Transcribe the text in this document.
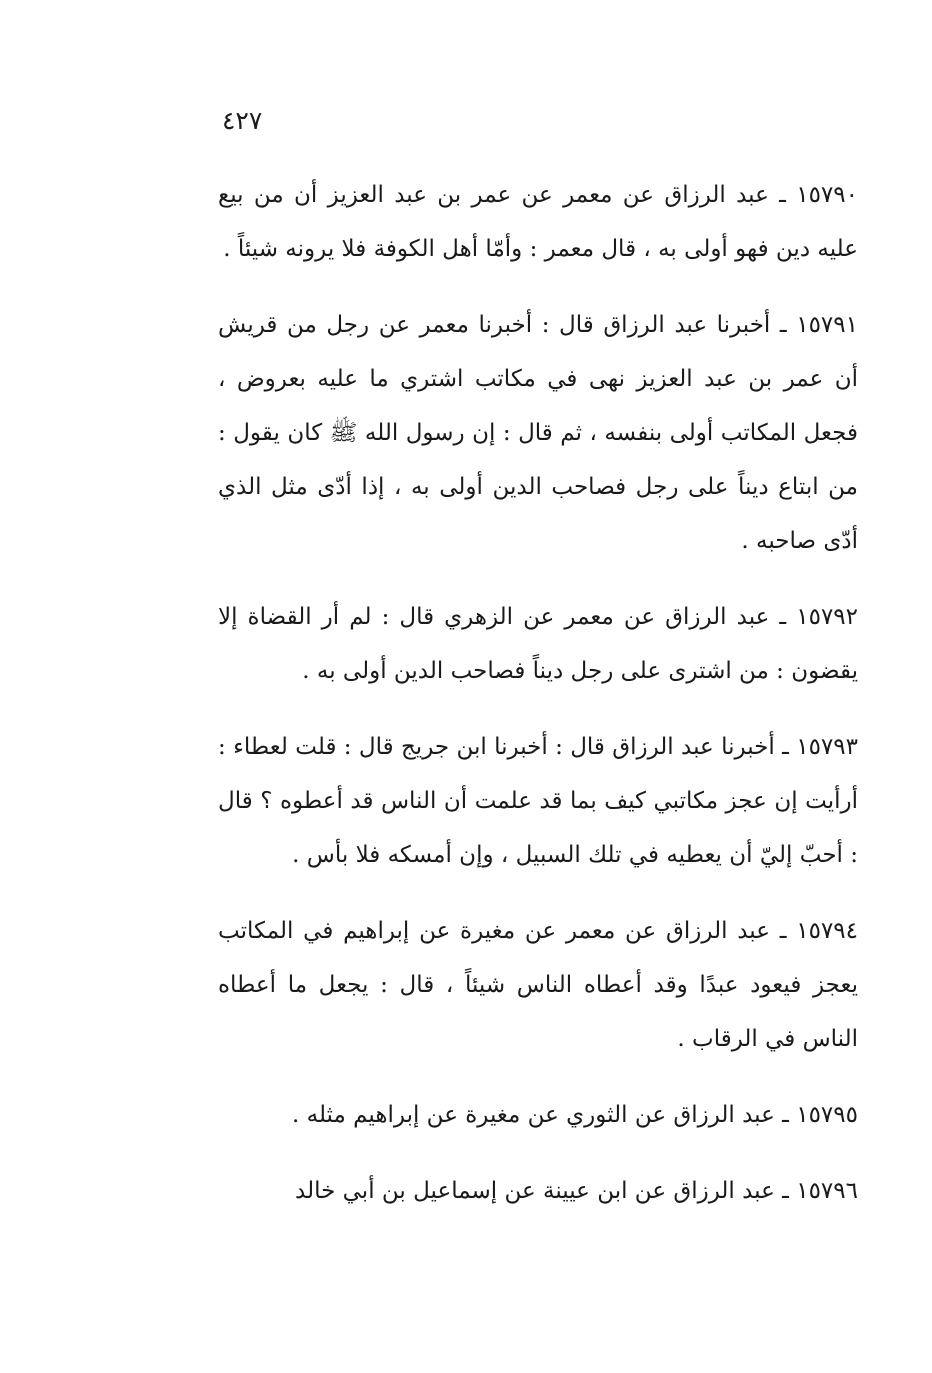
٤٢٧

١٥٧٩٠ ـ عبد الرزاق عن معمر عن عمر بن عبد العزيز أن من بيع عليه دين فهو أولى به ، قال معمر : وأمّا أهل الكوفة فلا يرونه شيئاً .

١٥٧٩١ ـ أخبرنا عبد الرزاق قال : أخبرنا معمر عن رجل من قريش أن عمر بن عبد العزيز نهى في مكاتب اشتري ما عليه بعروض ، فجعل المكاتب أولى بنفسه ، ثم قال : إن رسول الله ﷺ كان يقول : من ابتاع ديناً على رجل فصاحب الدين أولى به ، إذا أدّى مثل الذي أدّى صاحبه .

١٥٧٩٢ ـ عبد الرزاق عن معمر عن الزهري قال : لم أر القضاة إلا يقضون : من اشترى على رجل ديناً فصاحب الدين أولى به .

١٥٧٩٣ ـ أخبرنا عبد الرزاق قال : أخبرنا ابن جريج قال : قلت لعطاء : أرأيت إن عجز مكاتبي كيف بما قد علمت أن الناس قد أعطوه ؟ قال : أحبّ إليّ أن يعطيه في تلك السبيل ، وإن أمسكه فلا بأس .

١٥٧٩٤ ـ عبد الرزاق عن معمر عن مغيرة عن إبراهيم في المكاتب يعجز فيعود عبدًا وقد أعطاه الناس شيئاً ، قال : يجعل ما أعطاه الناس في الرقاب .

١٥٧٩٥ ـ عبد الرزاق عن الثوري عن مغيرة عن إبراهيم مثله .

١٥٧٩٦ ـ عبد الرزاق عن ابن عيينة عن إسماعيل بن أبي خالد
